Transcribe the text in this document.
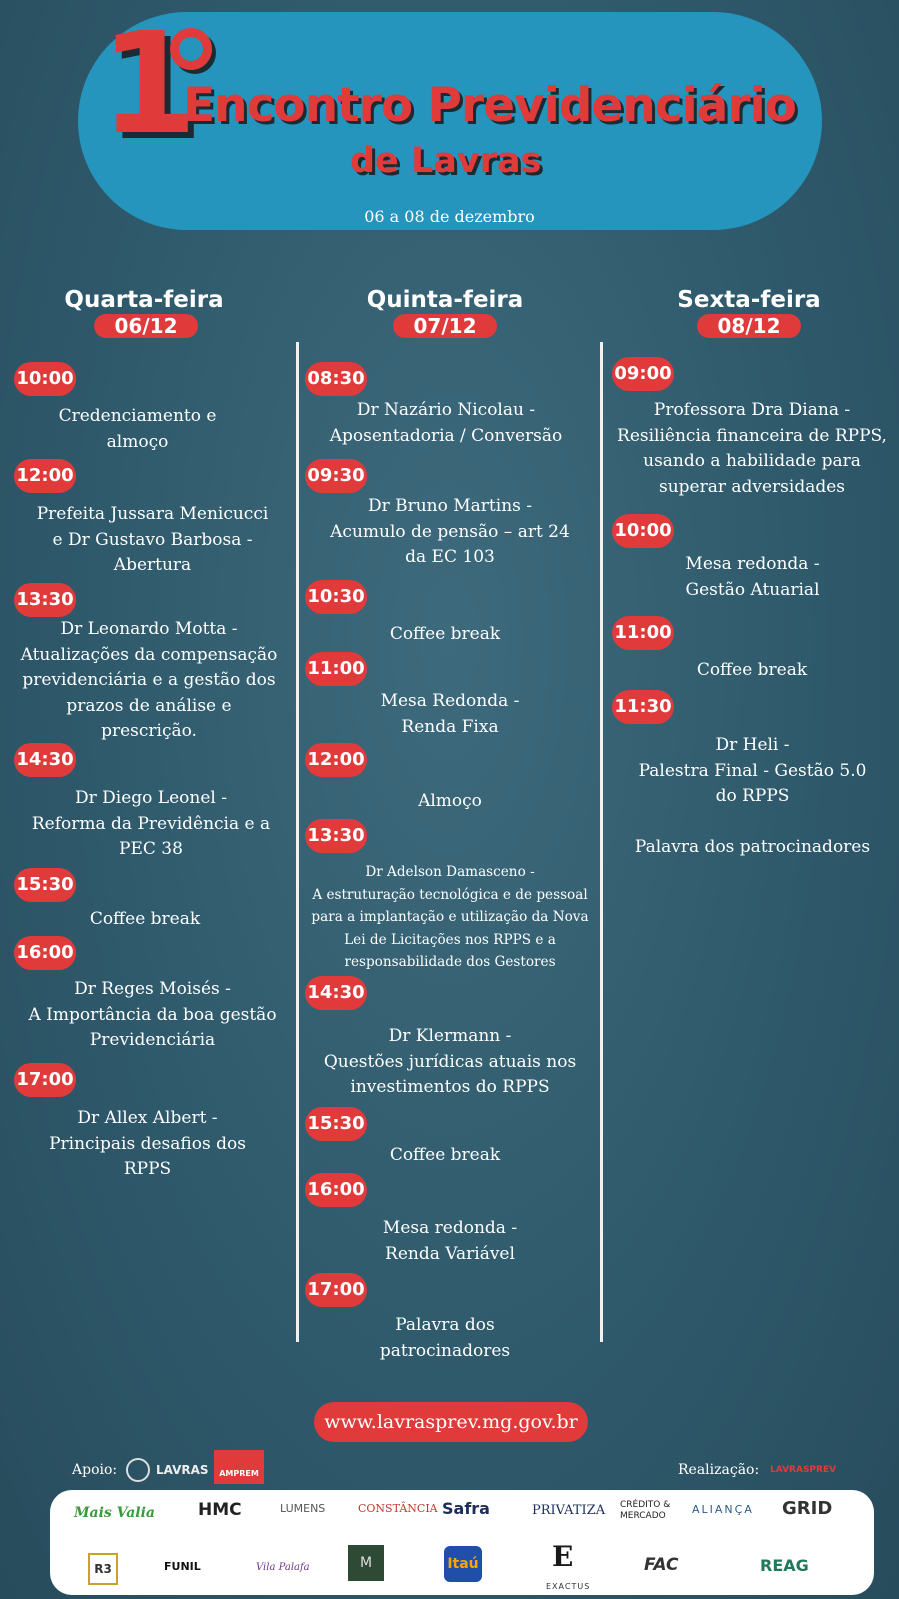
1
Encontro Previdenciário
de Lavras
06 a 08 de dezembro
Quarta-feira
06/12
Quinta-feira
07/12
Sexta-feira
08/12
10:00
Credenciamento e
almoço
12:00
Prefeita Jussara Menicucci
e Dr Gustavo Barbosa -
Abertura
13:30
Dr Leonardo Motta -
Atualizações da compensação
previdenciária e a gestão dos
prazos de análise e
prescrição.
14:30
Dr Diego Leonel -
Reforma da Previdência e a
PEC 38
15:30
Coffee break
16:00
Dr Reges Moisés -
A Importância da boa gestão
Previdenciária
17:00
Dr Allex Albert -
Principais desafios dos
RPPS
08:30
Dr Nazário Nicolau -
Aposentadoria / Conversão
09:30
Dr Bruno Martins -
Acumulo de pensão – art 24
da EC 103
10:30
Coffee break
11:00
Mesa Redonda -
Renda Fixa
12:00
Almoço
13:30
Dr Adelson Damasceno -
A estruturação tecnológica e de pessoal
para a implantação e utilização da Nova
Lei de Licitações nos RPPS e a
responsabilidade dos Gestores
14:30
Dr Klermann -
Questões jurídicas atuais nos
investimentos do RPPS
15:30
Coffee break
16:00
Mesa redonda -
Renda Variável
17:00
Palavra dos
patrocinadores
09:00
Professora Dra Diana -
Resiliência financeira de RPPS,
usando a habilidade para
superar adversidades
10:00
Mesa redonda -
Gestão Atuarial
11:00
Coffee break
11:30
Dr Heli -
Palestra Final - Gestão 5.0
do RPPS

Palavra dos patrocinadores
www.lavrasprev.mg.gov.br
Apoio:	LAVRAS	AMPREM	Realização: LAVRASPREV
Mais Valia	HMC	LUMENS	CONSTÂNCIA Safra	PRIVATIZA CRÉDITO & MERCADO	ALIANÇA GRID
R3	FUNIL	Vila Palafa	M	Itaú
EXACTUS
E	FAC	REAG
